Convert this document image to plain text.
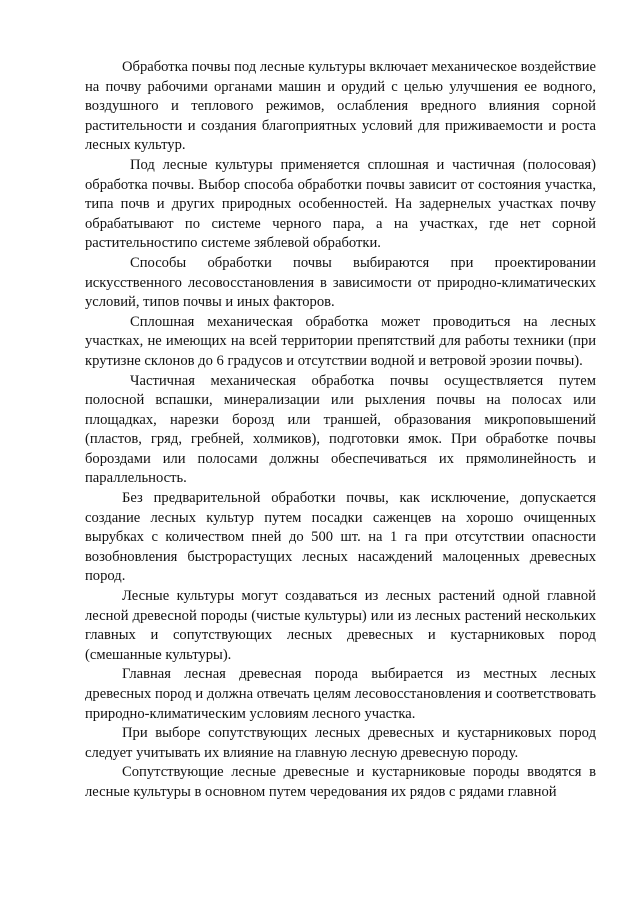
Обработка почвы под лесные культуры включает механическое воздействие на почву рабочими органами машин и орудий с целью улучшения ее водного, воздушного и теплового режимов, ослабления вредного влияния сорной растительности и создания благоприятных условий для приживаемости и роста лесных культур.

Под лесные культуры применяется сплошная и частичная (полосовая) обработка почвы. Выбор способа обработки почвы зависит от состояния участка, типа почв и других природных особенностей. На задернелых участках почву обрабатывают по системе черного пара, а на участках, где нет сорной растительностипо системе зяблевой обработки.

Способы обработки почвы выбираются при проектировании искусственного лесовосстановления в зависимости от природно-климатических условий, типов почвы и иных факторов.

Сплошная механическая обработка может проводиться на лесных участках, не имеющих на всей территории препятствий для работы техники (при крутизне склонов до 6 градусов и отсутствии водной и ветровой эрозии почвы).

Частичная механическая обработка почвы осуществляется путем полосной вспашки, минерализации или рыхления почвы на полосах или площадках, нарезки борозд или траншей, образования микроповышений (пластов, гряд, гребней, холмиков), подготовки ямок. При обработке почвы бороздами или полосами должны обеспечиваться их прямолинейность и параллельность.

Без предварительной обработки почвы, как исключение, допускается создание лесных культур путем посадки саженцев на хорошо очищенных вырубках с количеством пней до 500 шт. на 1 га при отсутствии опасности возобновления быстрорастущих лесных насаждений малоценных древесных пород.

Лесные культуры могут создаваться из лесных растений одной главной лесной древесной породы (чистые культуры) или из лесных растений нескольких главных и сопутствующих лесных древесных и кустарниковых пород (смешанные культуры).

Главная лесная древесная порода выбирается из местных лесных древесных пород и должна отвечать целям лесовосстановления и соответствовать природно-климатическим условиям лесного участка.

При выборе сопутствующих лесных древесных и кустарниковых пород следует учитывать их влияние на главную лесную древесную породу.

Сопутствующие лесные древесные и кустарниковые породы вводятся в лесные культуры в основном путем чередования их рядов с рядами главной
